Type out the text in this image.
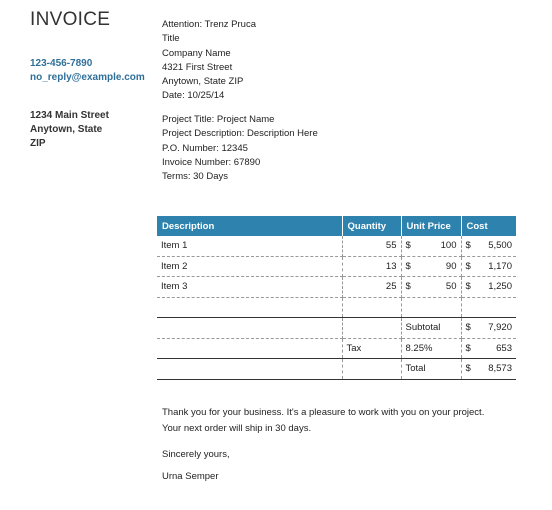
INVOICE
123-456-7890
no_reply@example.com
1234 Main Street
Anytown, State
ZIP
Attention: Trenz Pruca
Title
Company Name
4321 First Street
Anytown, State ZIP
Date: 10/25/14
Project Title: Project Name
Project Description: Description Here
P.O. Number: 12345
Invoice Number: 67890
Terms: 30 Days
Description	Quantity	Unit Price	Cost
Item 1	55	$ 100	$ 5,500

Item 2	13	$ 90	$ 1,170

Item 3	25	$ 50	$ 1,250

		Subtotal	$ 7,920

	Tax	8.25%	$ 653

		Total	$ 8,573
Thank you for your business. It's a pleasure to work with you on your project.
Your next order will ship in 30 days.
Sincerely yours,
Urna Semper
